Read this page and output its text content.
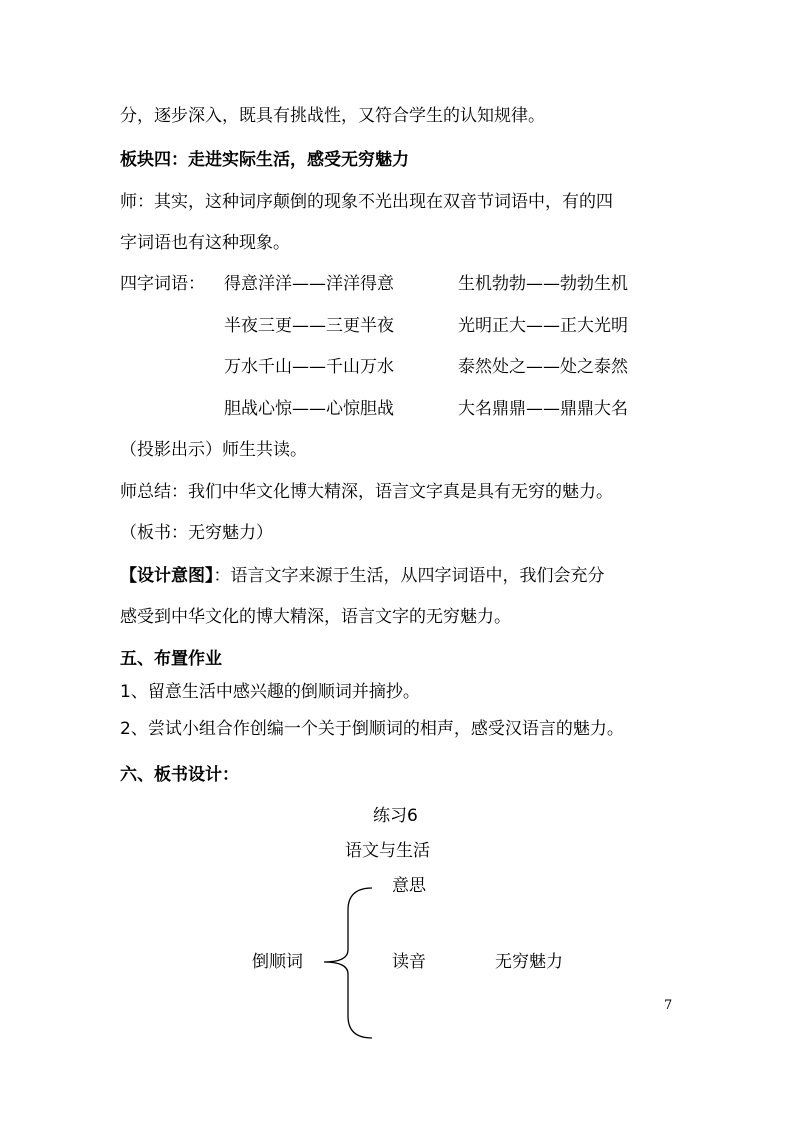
分，逐步深入，既具有挑战性，又符合学生的认知规律。
板块四：走进实际生活，感受无穷魅力
师：其实，这种词序颠倒的现象不光出现在双音节词语中，有的四
字词语也有这种现象。
四字词语： 得意洋洋——洋洋得意	生机勃勃——勃勃生机
半夜三更——三更半夜	光明正大——正大光明
万水千山——千山万水	泰然处之——处之泰然
胆战心惊——心惊胆战	大名鼎鼎——鼎鼎大名
（投影出示）师生共读。
师总结：我们中华文化博大精深，语言文字真是具有无穷的魅力。
（板书：无穷魅力）
【设计意图】：语言文字来源于生活，从四字词语中，我们会充分
感受到中华文化的博大精深，语言文字的无穷魅力。
五、布置作业
1、留意生活中感兴趣的倒顺词并摘抄。
2、尝试小组合作创编一个关于倒顺词的相声，感受汉语言的魅力。
六、板书设计：
练习6
语文与生活
意思
倒顺词	读音	无穷魅力
7
